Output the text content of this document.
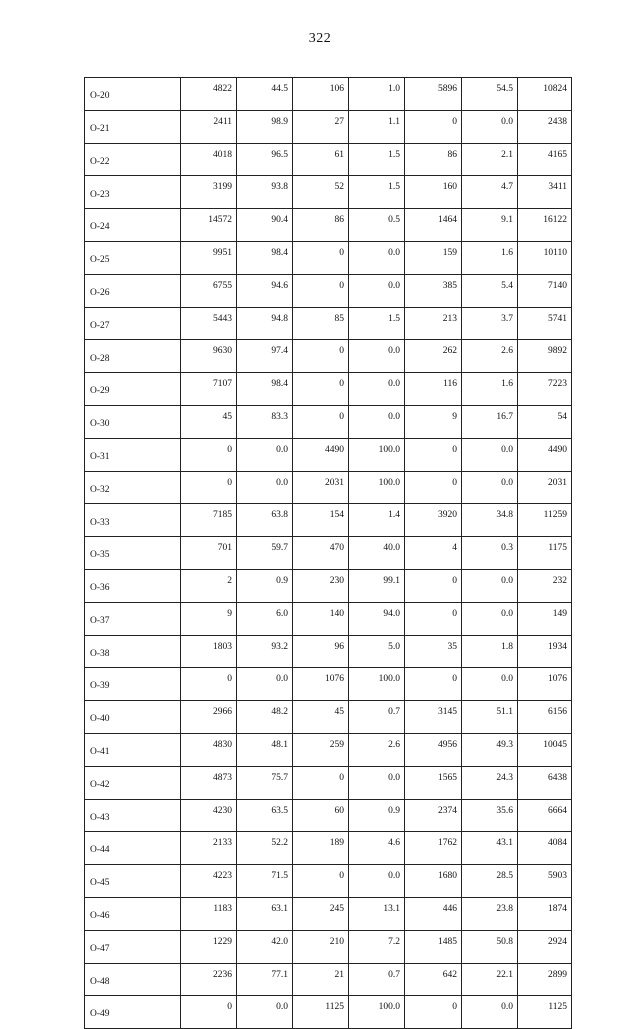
322
O-20	4822	44.5	106	1.0	5896	54.5	10824
O-21	2411	98.9	27	1.1	0	0.0	2438
O-22	4018	96.5	61	1.5	86	2.1	4165
O-23	3199	93.8	52	1.5	160	4.7	3411
O-24	14572	90.4	86	0.5	1464	9.1	16122
O-25	9951	98.4	0	0.0	159	1.6	10110
O-26	6755	94.6	0	0.0	385	5.4	7140
O-27	5443	94.8	85	1.5	213	3.7	5741
O-28	9630	97.4	0	0.0	262	2.6	9892
O-29	7107	98.4	0	0.0	116	1.6	7223
O-30	45	83.3	0	0.0	9	16.7	54
O-31	0	0.0	4490	100.0	0	0.0	4490
O-32	0	0.0	2031	100.0	0	0.0	2031
O-33	7185	63.8	154	1.4	3920	34.8	11259
O-35	701	59.7	470	40.0	4	0.3	1175
O-36	2	0.9	230	99.1	0	0.0	232
O-37	9	6.0	140	94.0	0	0.0	149
O-38	1803	93.2	96	5.0	35	1.8	1934
O-39	0	0.0	1076	100.0	0	0.0	1076
O-40	2966	48.2	45	0.7	3145	51.1	6156
O-41	4830	48.1	259	2.6	4956	49.3	10045
O-42	4873	75.7	0	0.0	1565	24.3	6438
O-43	4230	63.5	60	0.9	2374	35.6	6664
O-44	2133	52.2	189	4.6	1762	43.1	4084
O-45	4223	71.5	0	0.0	1680	28.5	5903
O-46	1183	63.1	245	13.1	446	23.8	1874
O-47	1229	42.0	210	7.2	1485	50.8	2924
O-48	2236	77.1	21	0.7	642	22.1	2899
O-49	0	0.0	1125	100.0	0	0.0	1125
